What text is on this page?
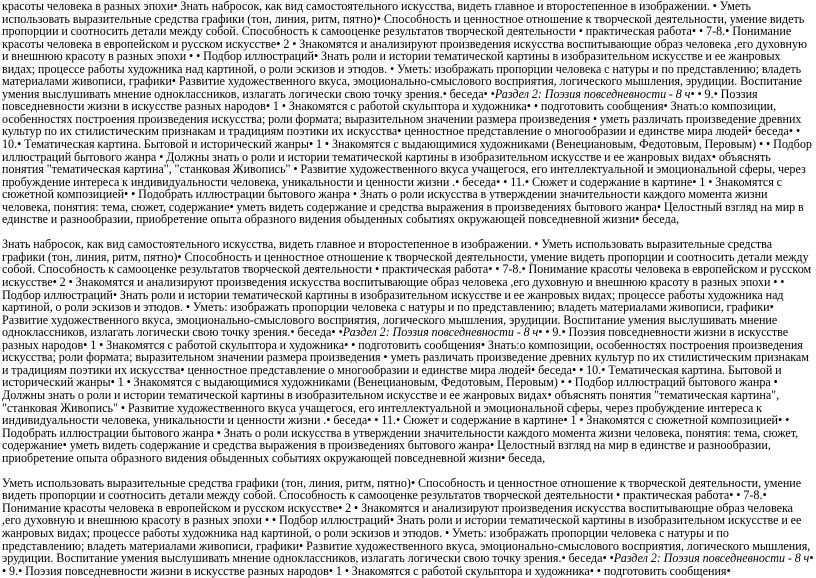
красоты человека в разных эпохи• Знать набросок, как вид самостоятельного искусства, видеть главное и второстепенное в изображении. • Уметь использовать выразительные средства графики (тон, линия, ритм, пятно)• Способность и ценностное отношение к творческой деятельности, умение видеть пропорции и соотносить детали между собой. Способность к самооценке результатов творческой деятельности • практическая работа• • 7-8.• Понимание красоты человека в европейском и русском искусстве• 2 • Знакомятся и анализируют произведения искусства воспитывающие образ человека ,его духовную и внешнюю красоту в разных эпохи • • Подбор иллюстраций• Знать роли и истории тематической картины в изобразительном искусстве и ее жанровых видах; процессе работы художника над картиной, о роли эскизов и этюдов. • Уметь: изображать пропорции человека с натуры и по представлению; владеть материалами живописи, графики• Развитие художественного вкуса, эмоционально-смыслового восприятия, логического мышления, эрудиции. Воспитание умения выслушивать мнение одноклассников, излагать логически свою точку зрения.• беседа• •Раздел 2: Поэзия повседневности - 8 ч• • 9.• Поэзия повседневности жизни в искусстве разных народов• 1 • Знакомятся с работой скульптора и художника• • подготовить сообщения• Знать:о композиции, особенностях построения произведения искусства; роли формата; выразительном значении размера произведения • уметь различать произведение древних культур по их стилистическим признакам и традициям поэтики их искусства• ценностное представление о многообразии и единстве мира людей• беседа• • 10.• Тематическая картина. Бытовой и исторический жанры• 1 • Знакомятся с выдающимися художниками (Венециановым, Федотовым, Перовым) • • Подбор иллюстраций бытового жанра • Должны знать о роли и истории тематической картины в изобразительном искусстве и ее жанровых видах• объяснять понятия "тематическая картина", "станковая Живопись" • Развитие художественного вкуса учащегося, его интеллектуальной и эмоциональной сферы, через пробуждение интереса к индивидуальности человека, уникальности и ценности жизни .• беседа• • 11.• Сюжет и содержание в картине• 1 • Знакомятся с сюжетной композицией• • Подобрать иллюстрации бытового жанра • Знать о роли искусства в утверждении значительности каждого момента жизни человека, понятия: тема, сюжет, содержание• уметь видеть содержание и средства выражения в произведениях бытового жанра• Целостный взгляд на мир в единстве и разнообразии, приобретение опыта образного видения обыденных событиях окружающей повседневной жизни• беседа,

Знать набросок, как вид самостоятельного искусства, видеть главное и второстепенное в изображении. • Уметь использовать выразительные средства графики (тон, линия, ритм, пятно)• Способность и ценностное отношение к творческой деятельности, умение видеть пропорции и соотносить детали между собой. Способность к самооценке результатов творческой деятельности • практическая работа• • 7-8.• Понимание красоты человека в европейском и русском искусстве• 2 • Знакомятся и анализируют произведения искусства воспитывающие образ человека ,его духовную и внешнюю красоту в разных эпохи • • Подбор иллюстраций• Знать роли и истории тематической картины в изобразительном искусстве и ее жанровых видах; процессе работы художника над картиной, о роли эскизов и этюдов. • Уметь: изображать пропорции человека с натуры и по представлению; владеть материалами живописи, графики• Развитие художественного вкуса, эмоционально-смыслового восприятия, логического мышления, эрудиции. Воспитание умения выслушивать мнение одноклассников, излагать логически свою точку зрения.• беседа• •Раздел 2: Поэзия повседневности - 8 ч• • 9.• Поэзия повседневности жизни в искусстве разных народов• 1 • Знакомятся с работой скульптора и художника• • подготовить сообщения• Знать:о композиции, особенностях построения произведения искусства; роли формата; выразительном значении размера произведения • уметь различать произведение древних культур по их стилистическим признакам и традициям поэтики их искусства• ценностное представление о многообразии и единстве мира людей• беседа• • 10.• Тематическая картина. Бытовой и исторический жанры• 1 • Знакомятся с выдающимися художниками (Венециановым, Федотовым, Перовым) • • Подбор иллюстраций бытового жанра • Должны знать о роли и истории тематической картины в изобразительном искусстве и ее жанровых видах• объяснять понятия "тематическая картина", "станковая Живопись" • Развитие художественного вкуса учащегося, его интеллектуальной и эмоциональной сферы, через пробуждение интереса к индивидуальности человека, уникальности и ценности жизни .• беседа• • 11.• Сюжет и содержание в картине• 1 • Знакомятся с сюжетной композицией• • Подобрать иллюстрации бытового жанра • Знать о роли искусства в утверждении значительности каждого момента жизни человека, понятия: тема, сюжет, содержание• уметь видеть содержание и средства выражения в произведениях бытового жанра• Целостный взгляд на мир в единстве и разнообразии, приобретение опыта образного видения обыденных событиях окружающей повседневной жизни• беседа,

Уметь использовать выразительные средства графики (тон, линия, ритм, пятно)• Способность и ценностное отношение к творческой деятельности, умение видеть пропорции и соотносить детали между собой. Способность к самооценке результатов творческой деятельности • практическая работа• • 7-8.• Понимание красоты человека в европейском и русском искусстве• 2 • Знакомятся и анализируют произведения искусства воспитывающие образ человека ,его духовную и внешнюю красоту в разных эпохи • • Подбор иллюстраций• Знать роли и истории тематической картины в изобразительном искусстве и ее жанровых видах; процессе работы художника над картиной, о роли эскизов и этюдов. • Уметь: изображать пропорции человека с натуры и по представлению; владеть материалами живописи, графики• Развитие художественного вкуса, эмоционально-смыслового восприятия, логического мышления, эрудиции. Воспитание умения выслушивать мнение одноклассников, излагать логически свою точку зрения.• беседа• •Раздел 2: Поэзия повседневности - 8 ч• • 9.• Поэзия повседневности жизни в искусстве разных народов• 1 • Знакомятся с работой скульптора и художника• • подготовить сообщения•
